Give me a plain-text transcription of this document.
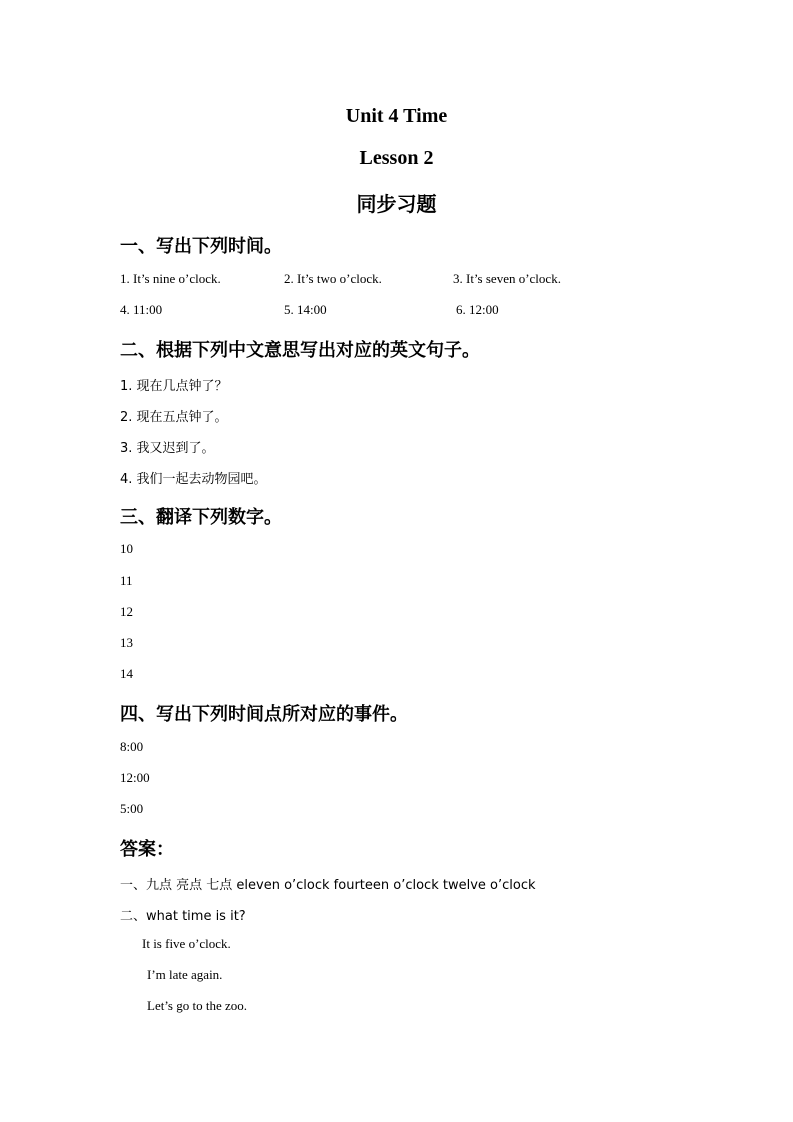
Unit 4 Time
Lesson 2
同步习题
一、写出下列时间。
1. It’s nine o’clock.	2. It’s two o’clock.	3. It’s seven o’clock.
4. 11:00	5. 14:00	6. 12:00
二、根据下列中文意思写出对应的英文句子。
1. 现在几点钟了？
2. 现在五点钟了。
3. 我又迟到了。
4. 我们一起去动物园吧。
三、翻译下列数字。
10
11
12
13
14
四、写出下列时间点所对应的事件。
8:00
12:00
5:00
答案：
一、九点 亮点 七点 eleven o’clock fourteen o’clock twelve o’clock
二、what time is it?
It is five o’clock.
I’m late again.
Let’s go to the zoo.
